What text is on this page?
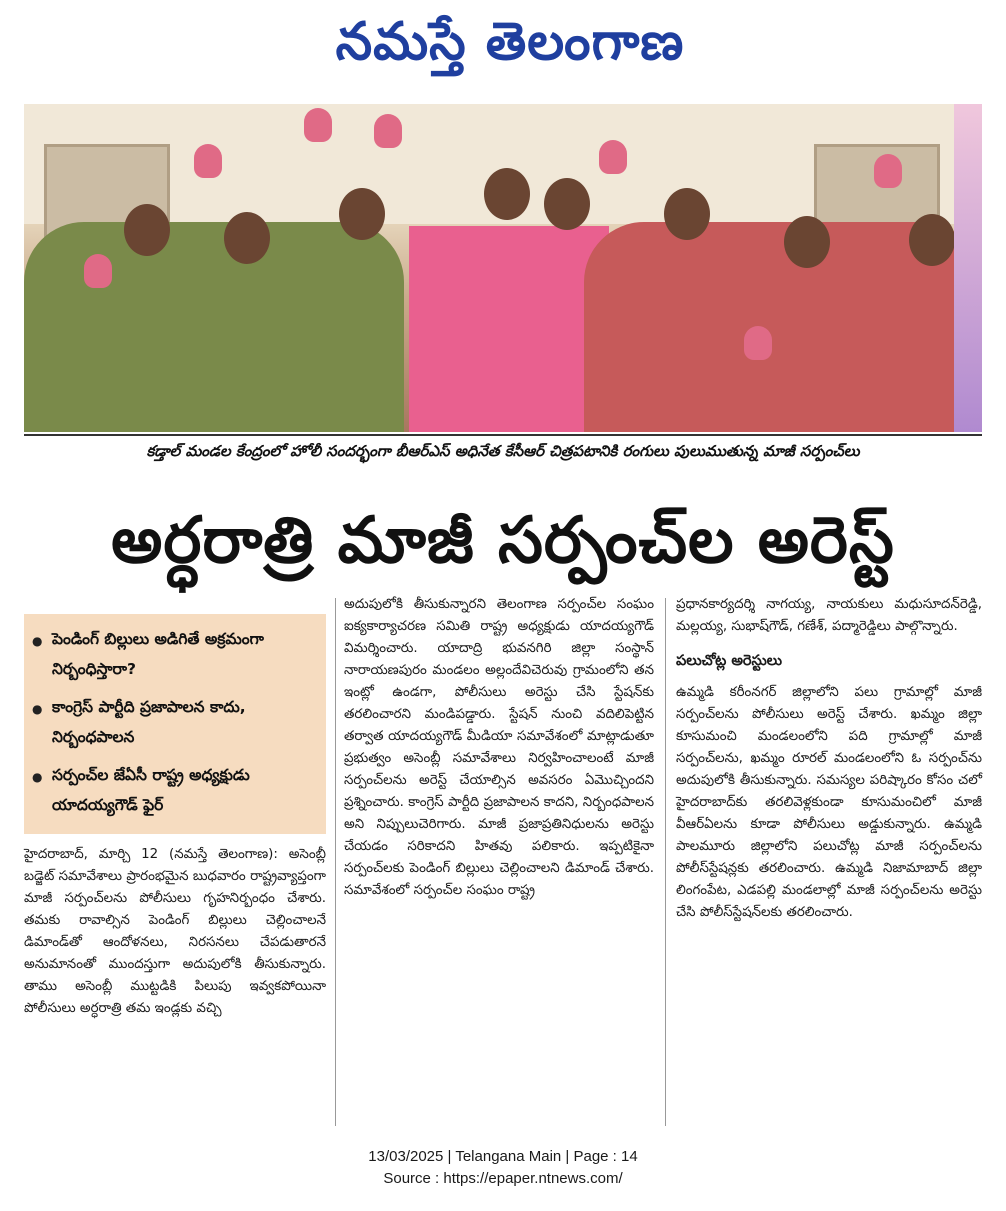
నమస్తే తెలంగాణ
కడ్తాల్ మండల కేంద్రంలో హోలీ సందర్భంగా బీఆర్ఎస్ అధినేత కేసీఆర్ చిత్రపటానికి రంగులు పులుముతున్న మాజీ సర్పంచ్‌లు
అర్ధరాత్రి మాజీ సర్పంచ్‌ల అరెస్ట్
● పెండింగ్ బిల్లులు అడిగితే అక్రమంగా నిర్బంధిస్తారా?
● కాంగ్రెస్ పార్టీది ప్రజాపాలన కాదు, నిర్బంధపాలన
● సర్పంచ్‌ల జేఏసీ రాష్ట్ర అధ్యక్షుడు యాదయ్యగౌడ్ ఫైర్

హైదరాబాద్, మార్చి 12 (నమస్తే తెలంగాణ): అసెంబ్లీ బడ్జెట్ సమావేశాలు ప్రారంభమైన బుధవారం రాష్ట్రవ్యాప్తంగా మాజీ సర్పంచ్‌లను పోలీసులు గృహనిర్బంధం చేశారు. తమకు రావాల్సిన పెండింగ్ బిల్లులు చెల్లించాలనే డిమాండ్‌తో ఆందోళనలు, నిరసనలు చేపడుతారనే అనుమానంతో ముందస్తుగా అదుపులోకి తీసుకున్నారు. తాము అసెంబ్లీ ముట్టడికి పిలుపు ఇవ్వకపోయినా పోలీసులు అర్ధరాత్రి తమ ఇండ్లకు వచ్చి

అదుపులోకి తీసుకున్నారని తెలంగాణ సర్పంచ్‌ల సంఘం ఐక్యకార్యాచరణ సమితి రాష్ట్ర అధ్యక్షుడు యాదయ్యగౌడ్ విమర్శించారు. యాదాద్రి భువనగిరి జిల్లా సంస్థాన్ నారాయణపురం మండలం అల్లందేవిచెరువు గ్రామంలోని తన ఇంట్లో ఉండగా, పోలీసులు అరెస్టు చేసి స్టేషన్‌కు తరలించారని మండిపడ్డారు. స్టేషన్ నుంచి వదిలిపెట్టిన తర్వాత యాదయ్యగౌడ్ మీడియా సమావేశంలో మాట్లాడుతూ ప్రభుత్వం అసెంబ్లీ సమావేశాలు నిర్వహించాలంటే మాజీ సర్పంచ్‌లను అరెస్ట్ చేయాల్సిన అవసరం ఏమొచ్చిందని ప్రశ్నించారు. కాంగ్రెస్ పార్టీది ప్రజాపాలన కాదని, నిర్బంధపాలన అని నిప్పులుచెరిగారు. మాజీ ప్రజాప్రతినిధులను అరెస్టు చేయడం సరికాదని హితవు పలికారు. ఇప్పటికైనా సర్పంచ్‌లకు పెండింగ్ బిల్లులు చెల్లించాలని డిమాండ్ చేశారు. సమావేశంలో సర్పంచ్‌ల సంఘం రాష్ట్ర

ప్రధానకార్యదర్శి నాగయ్య, నాయకులు మధుసూదన్‌రెడ్డి, మల్లయ్య, సుభాష్‌గౌడ్, గణేశ్, పద్మారెడ్డిలు పాల్గొన్నారు.

పలుచోట్ల అరెస్టులు

ఉమ్మడి కరీంనగర్ జిల్లాలోని పలు గ్రామాల్లో మాజీ సర్పంచ్‌లను పోలీసులు అరెస్ట్ చేశారు. ఖమ్మం జిల్లా కూసుమంచి మండలంలోని పది గ్రామాల్లో మాజీ సర్పంచ్‌లను, ఖమ్మం రూరల్ మండలంలోని ఓ సర్పంచ్‌ను అదుపులోకి తీసుకున్నారు. సమస్యల పరిష్కారం కోసం చలో హైదరాబాద్‌కు తరలివెళ్లకుండా కూసుమంచిలో మాజీ వీఆర్ఏలను కూడా పోలీసులు అడ్డుకున్నారు. ఉమ్మడి పాలమూరు జిల్లాలోని పలుచోట్ల మాజీ సర్పంచ్‌లను పోలీస్‌స్టేషన్లకు తరలించారు. ఉమ్మడి నిజామాబాద్ జిల్లా లింగంపేట, ఎడపల్లి మండలాల్లో మాజీ సర్పంచ్‌లను అరెస్టు చేసి పోలీస్‌స్టేషన్‌లకు తరలించారు.

13/03/2025 | Telangana Main | Page : 14
Source : https://epaper.ntnews.com/
